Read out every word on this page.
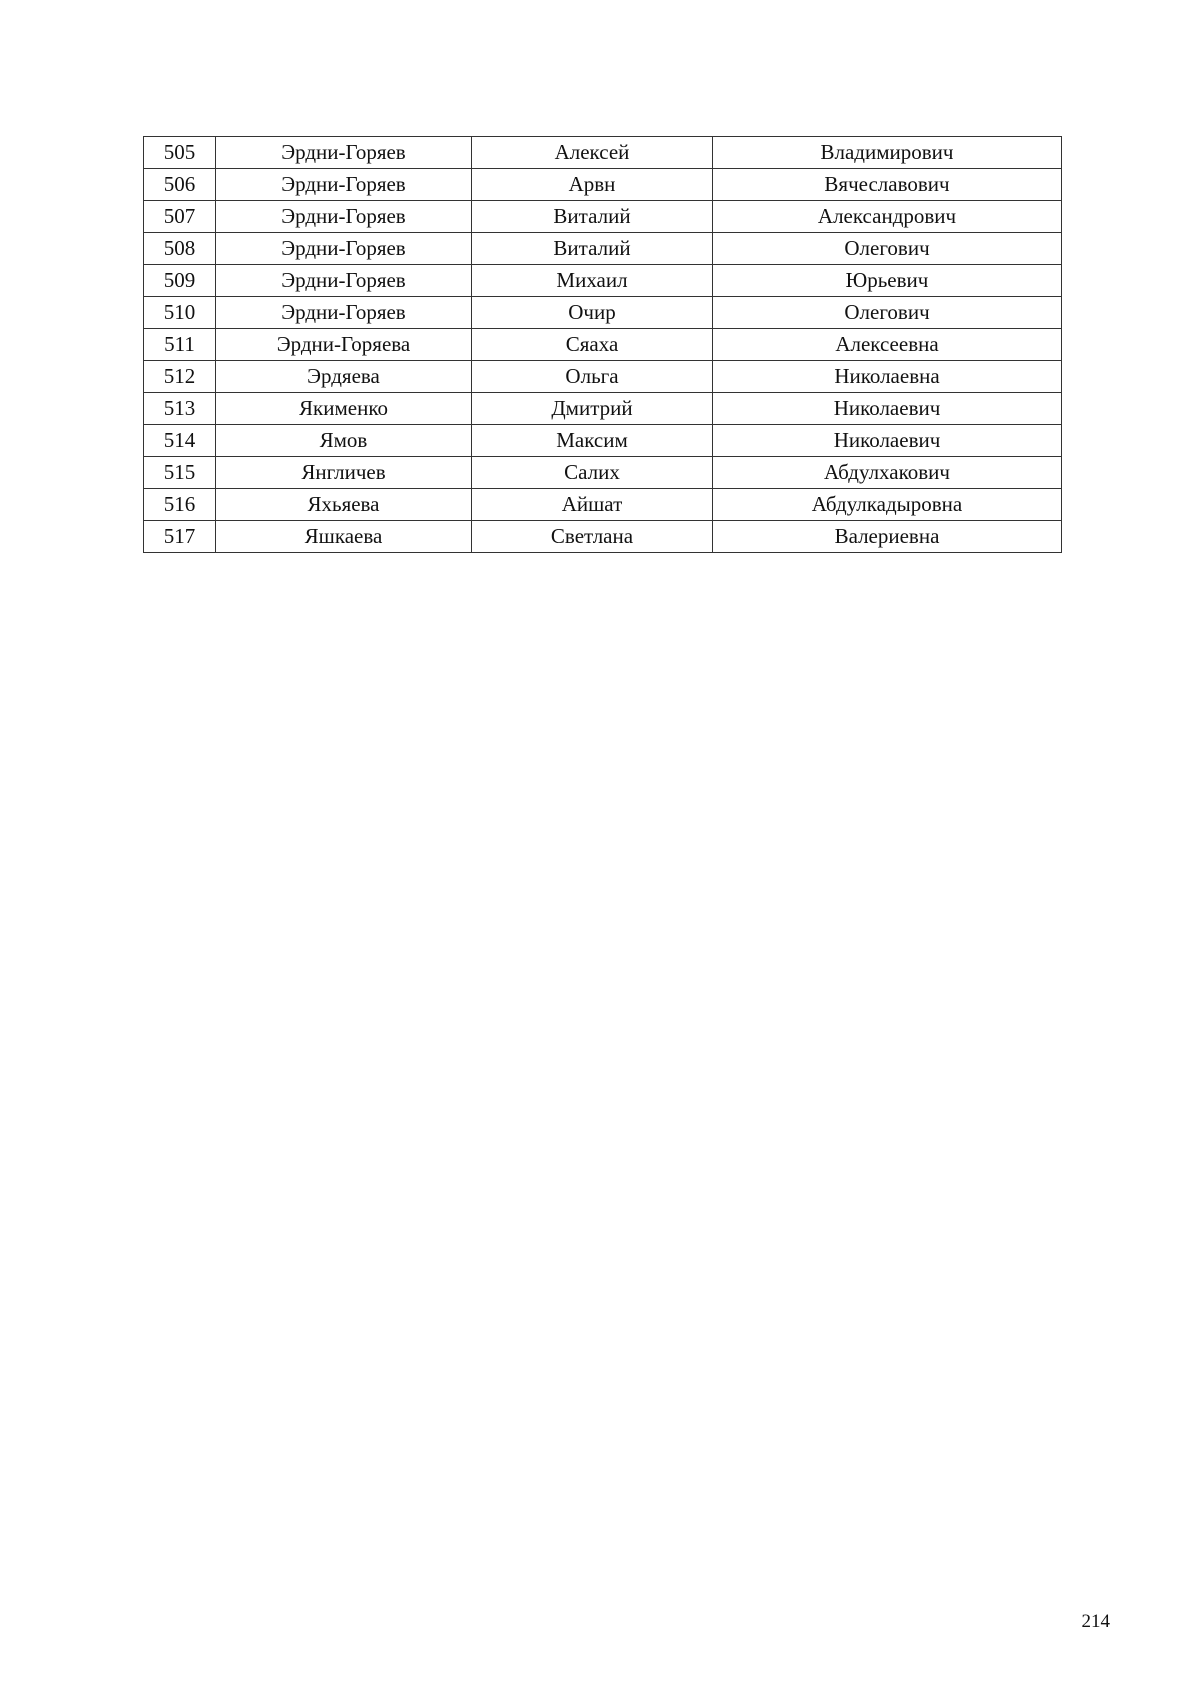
505	Эрдни-Горяев	Алексей	Владимирович
506	Эрдни-Горяев	Арвн	Вячеславович
507	Эрдни-Горяев	Виталий	Александрович
508	Эрдни-Горяев	Виталий	Олегович
509	Эрдни-Горяев	Михаил	Юрьевич
510	Эрдни-Горяев	Очир	Олегович
511	Эрдни-Горяева	Сяаха	Алексеевна
512	Эрдяева	Ольга	Николаевна
513	Якименко	Дмитрий	Николаевич
514	Ямов	Максим	Николаевич
515	Янгличев	Салих	Абдулхакович
516	Яхьяева	Айшат	Абдулкадыровна
517	Яшкаева	Светлана	Валериевна
214
